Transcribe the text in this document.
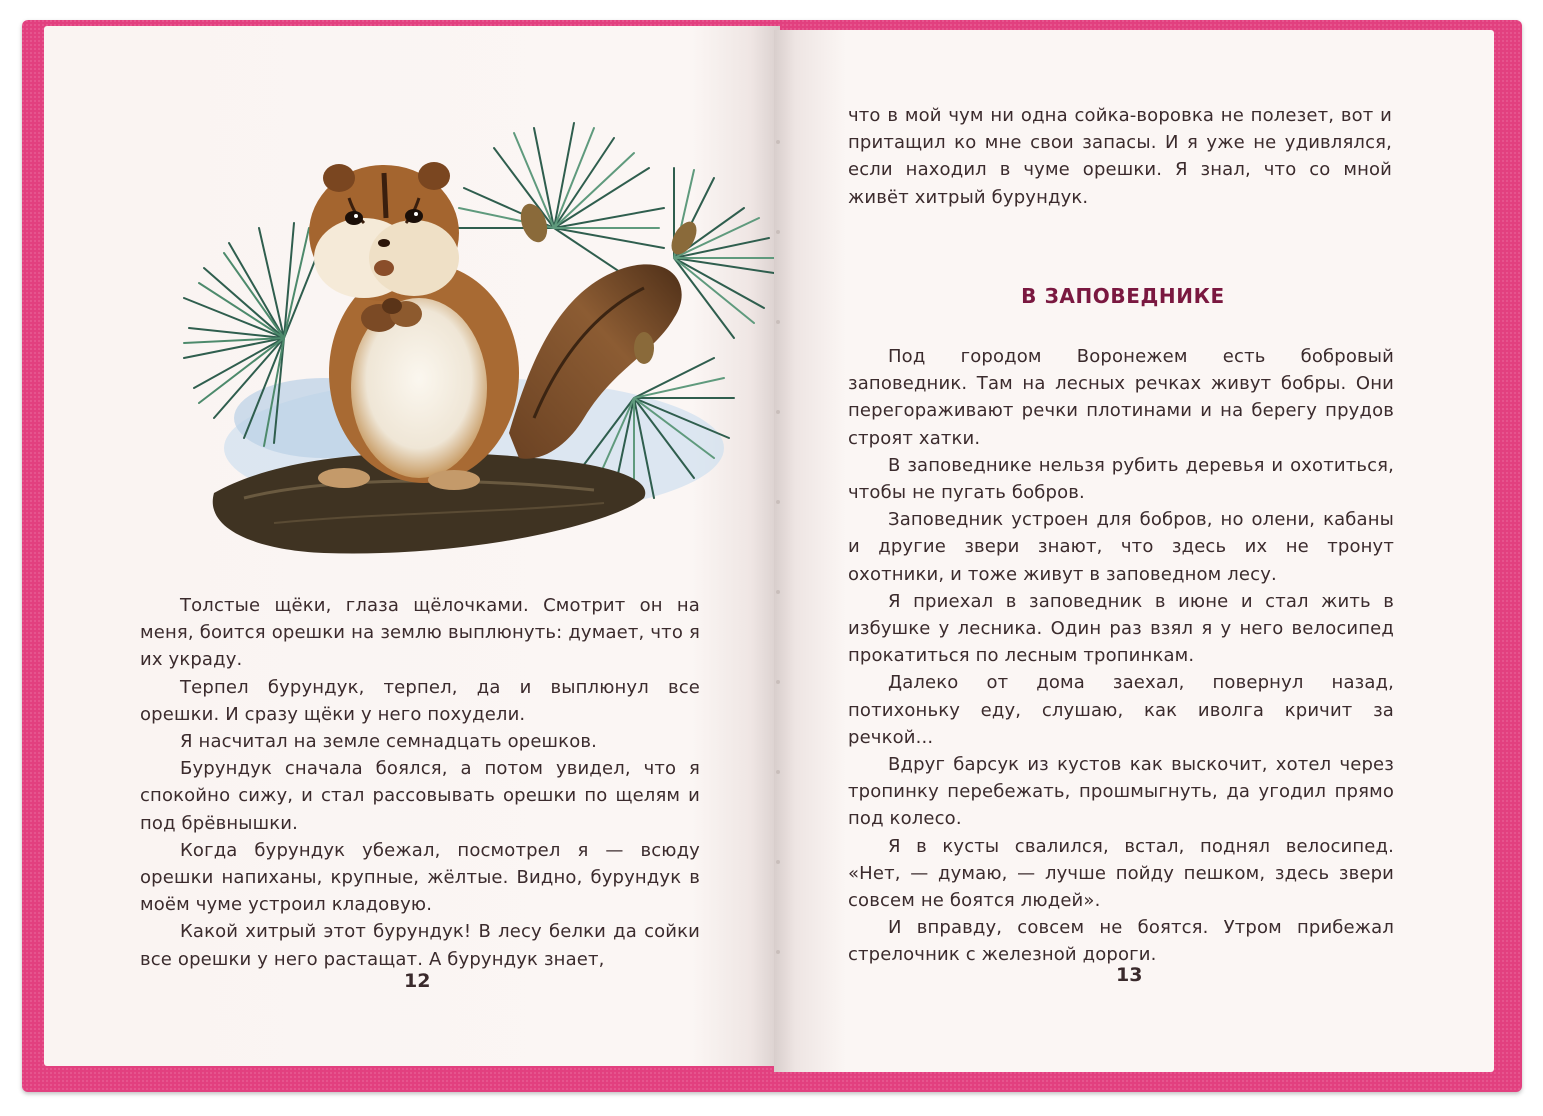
Толстые щёки, глаза щёлочками. Смотрит он на меня, боится орешки на землю выплюнуть: думает, что я их украду.

Терпел бурундук, терпел, да и выплюнул все орешки. И сразу щёки у него похудели.

Я насчитал на земле семнадцать орешков.

Бурундук сначала боялся, а потом увидел, что я спокойно сижу, и стал рассовывать орешки по щелям и под брёвнышки.

Когда бурундук убежал, посмотрел я — всюду орешки напиханы, крупные, жёлтые. Видно, бурундук в моём чуме устроил кладовую.

Какой хитрый этот бурундук! В лесу белки да сойки все орешки у него растащат. А бурундук знает,

12

что в мой чум ни одна сойка-воровка не полезет, вот и притащил ко мне свои запасы. И я уже не удивлялся, если находил в чуме орешки. Я знал, что со мной живёт хитрый бурундук.

В ЗАПОВЕДНИКЕ

Под городом Воронежем есть бобровый заповедник. Там на лесных речках живут бобры. Они перегораживают речки плотинами и на берегу прудов строят хатки.

В заповеднике нельзя рубить деревья и охотиться, чтобы не пугать бобров.

Заповедник устроен для бобров, но олени, кабаны и другие звери знают, что здесь их не тронут охотники, и тоже живут в заповедном лесу.

Я приехал в заповедник в июне и стал жить в избушке у лесника. Один раз взял я у него велосипед прокатиться по лесным тропинкам.

Далеко от дома заехал, повернул назад, потихоньку еду, слушаю, как иволга кричит за речкой...

Вдруг барсук из кустов как выскочит, хотел через тропинку перебежать, прошмыгнуть, да угодил прямо под колесо.

Я в кусты свалился, встал, поднял велосипед. «Нет, — думаю, — лучше пойду пешком, здесь звери совсем не боятся людей».

И вправду, совсем не боятся. Утром прибежал стрелочник с железной дороги.

13
